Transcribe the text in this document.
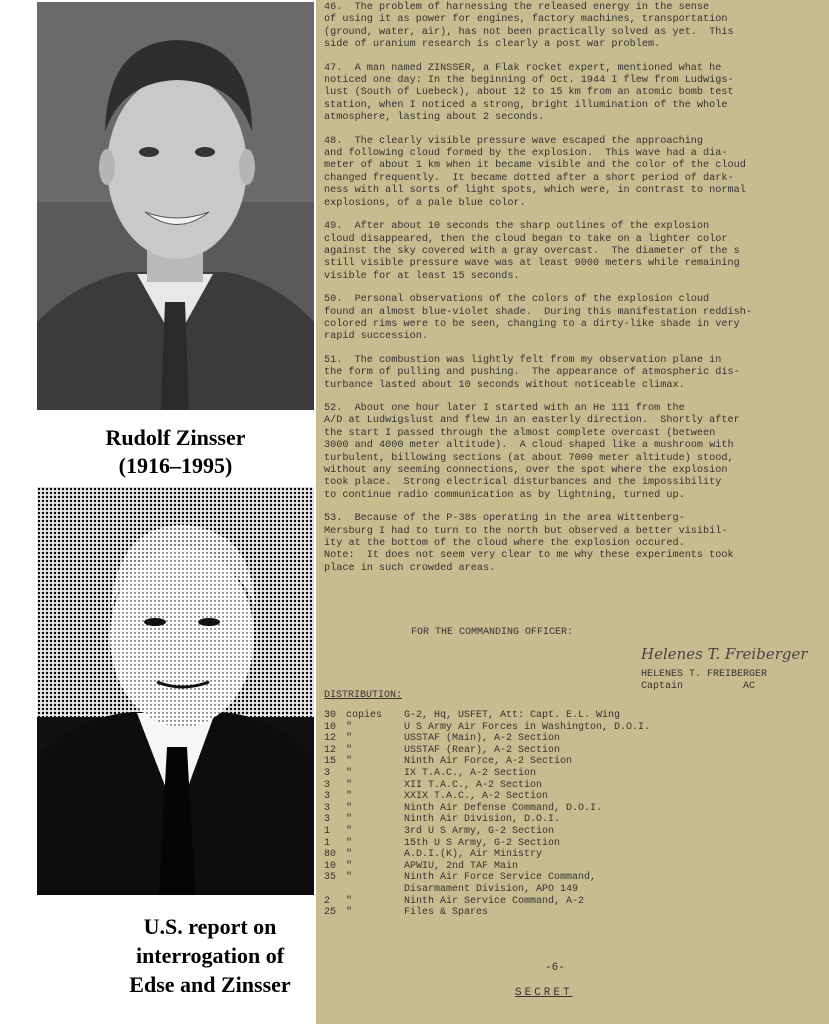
Rudolf Zinsser
(1916–1995)
U.S. report on
interrogation of
Edse and Zinsser
46.  The problem of harnessing the released energy in the sense
of using it as power for engines, factory machines, transportation
(ground, water, air), has not been practically solved as yet.  This
side of uranium research is clearly a post war problem.
47.  A man named ZINSSER, a Flak rocket expert, mentioned what he
noticed one day: In the beginning of Oct. 1944 I flew from Ludwigs-
lust (South of Luebeck), about 12 to 15 km from an atomic bomb test
station, when I noticed a strong, bright illumination of the whole
atmosphere, lasting about 2 seconds.
48.  The clearly visible pressure wave escaped the approaching
and following cloud formed by the explosion.  This wave had a dia-
meter of about 1 km when it became visible and the color of the cloud
changed frequently.  It became dotted after a short period of dark-
ness with all sorts of light spots, which were, in contrast to normal
explosions, of a pale blue color.
49.  After about 10 seconds the sharp outlines of the explosion
cloud disappeared, then the cloud began to take on a lighter color
against the sky covered with a gray overcast.  The diameter of the s
still visible pressure wave was at least 9000 meters while remaining
visible for at least 15 seconds.
50.  Personal observations of the colors of the explosion cloud
found an almost blue-violet shade.  During this manifestation reddish-
colored rims were to be seen, changing to a dirty-like shade in very
rapid succession.
51.  The combustion was lightly felt from my observation plane in
the form of pulling and pushing.  The appearance of atmospheric dis-
turbance lasted about 10 seconds without noticeable climax.
52.  About one hour later I started with an He 111 from the
A/D at Ludwigslust and flew in an easterly direction.  Shortly after
the start I passed through the almost complete overcast (between
3000 and 4000 meter altitude).  A cloud shaped like a mushroom with
turbulent, billowing sections (at about 7000 meter altitude) stood,
without any seeming connections, over the spot where the explosion
took place.  Strong electrical disturbances and the impossibility
to continue radio communication as by lightning, turned up.
53.  Because of the P-38s operating in the area Wittenberg-
Mersburg I had to turn to the north but observed a better visibil-
ity at the bottom of the cloud where the explosion occured.
Note:  It does not seem very clear to me why these experiments took
place in such crowded areas.
FOR THE COMMANDING OFFICER:
Helenes T. Freiberger
HELENES T. FREIBERGER
Captain          AC
DISTRIBUTION:
30 copies G-2, Hq, USFET, Att: Capt. E.L. Wing
10 "	U S Army Air Forces in Washington, D.O.I.
12 "	USSTAF (Main), A-2 Section
12 "	USSTAF (Rear), A-2 Section
15 "	Ninth Air Force, A-2 Section
3 "	IX T.A.C., A-2 Section
3 "	XII T.A.C., A-2 Section
3 "	XXIX T.A.C., A-2 Section
3 "	Ninth Air Defense Command, D.O.I.
3 "	Ninth Air Division, D.O.I.
1 "	3rd U S Army, G-2 Section
1 "	15th U S Army, G-2 Section
80 "	A.D.I.(K), Air Ministry
10 "	APWIU, 2nd TAF Main
35 "	Ninth Air Force Service Command,
Disarmament Division, APO 149
2 "	Ninth Air Service Command, A-2
25 "	Files & Spares
-6-
SECRET
